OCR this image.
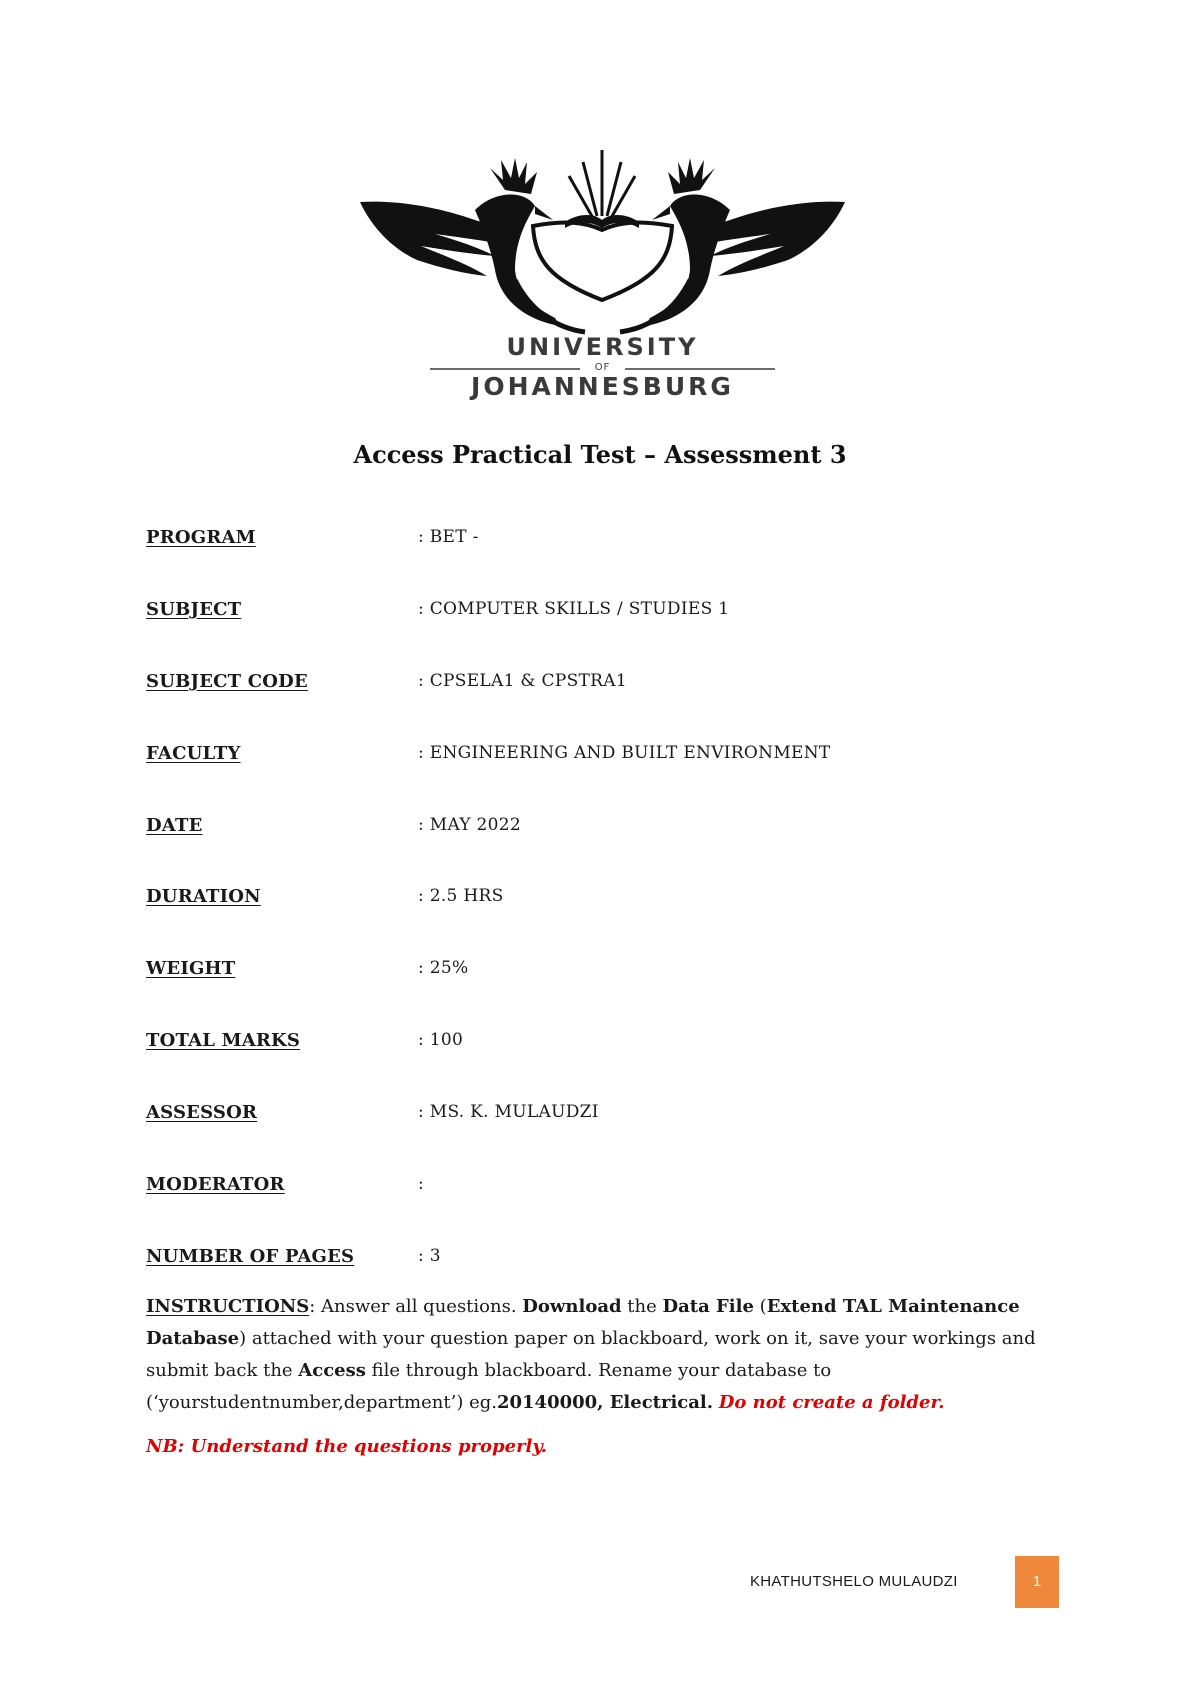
UNIVERSITY
OF
JOHANNESBURG
Access Practical Test – Assessment 3
PROGRAM	: BET -
SUBJECT	: COMPUTER SKILLS / STUDIES 1
SUBJECT CODE	: CPSELA1 & CPSTRA1
FACULTY	: ENGINEERING AND BUILT ENVIRONMENT
DATE	: MAY 2022
DURATION	: 2.5 HRS
WEIGHT	: 25%
TOTAL MARKS	: 100
ASSESSOR	: MS. K. MULAUDZI
MODERATOR	:
NUMBER OF PAGES	: 3
INSTRUCTIONS: Answer all questions. Download the Data File (Extend TAL Maintenance Database) attached with your question paper on blackboard, work on it, save your workings and submit back the Access file through blackboard. Rename your database to (‘yourstudentnumber,department’) eg.20140000, Electrical. Do not create a folder.
NB: Understand the questions properly.
KHATHUTSHELO MULAUDZI	1
